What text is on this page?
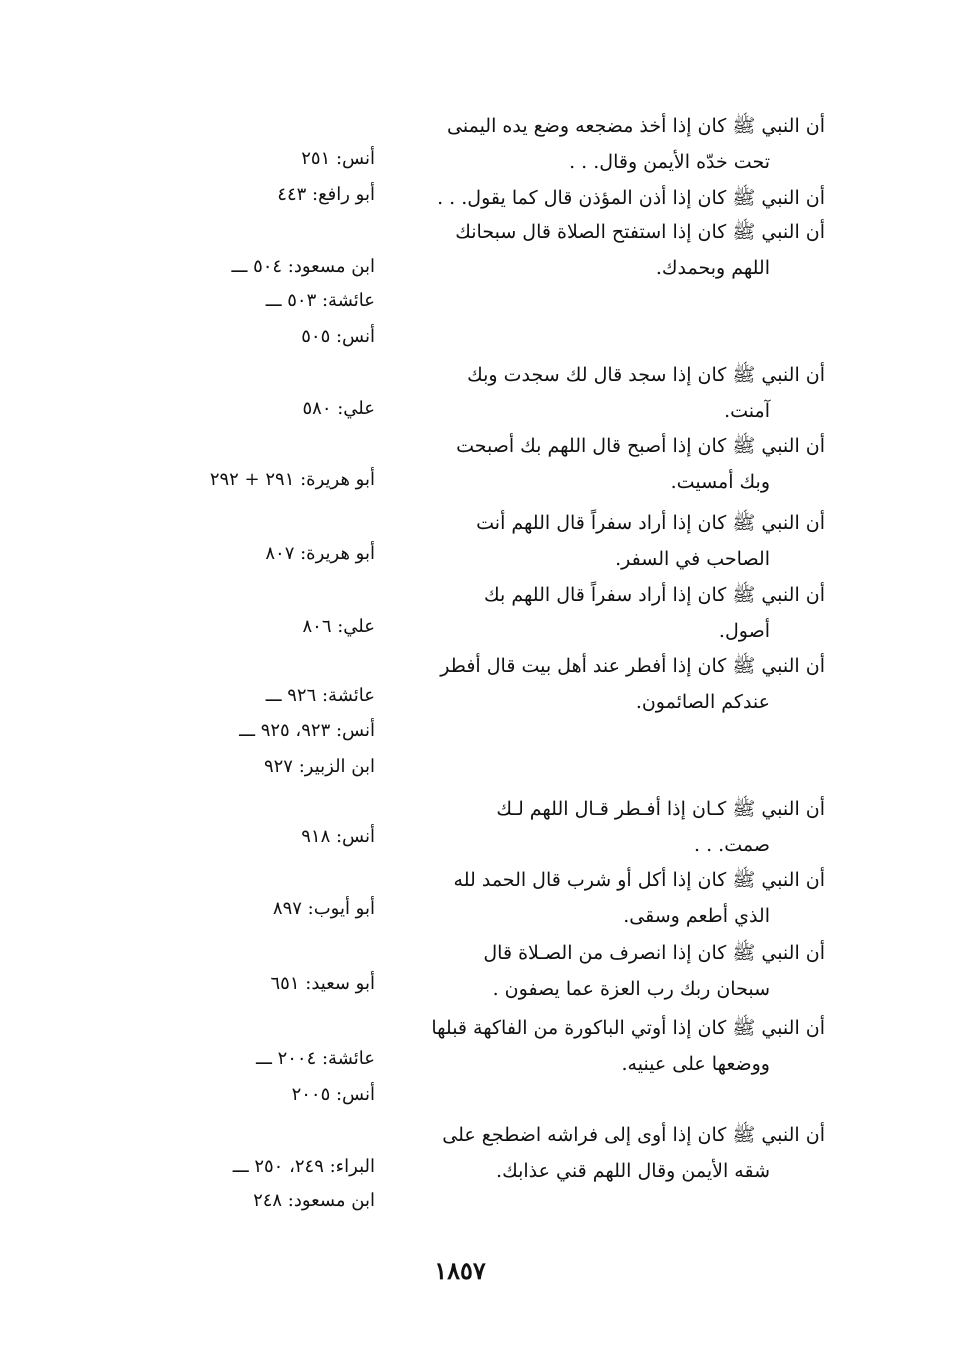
أن النبي ﷺ كان إذا أخذ مضجعه وضع يده اليمنى
تحت خدّه الأيمن وقال. . .
أن النبي ﷺ كان إذا أذن المؤذن قال كما يقول. . .
أن النبي ﷺ كان إذا استفتح الصلاة قال سبحانك
اللهم وبحمدك.
أن النبي ﷺ كان إذا سجد قال لك سجدت وبك
آمنت.
أن النبي ﷺ كان إذا أصبح قال اللهم بك أصبحت
وبك أمسيت.
أن النبي ﷺ كان إذا أراد سفراً قال اللهم أنت
الصاحب في السفر.
أن النبي ﷺ كان إذا أراد سفراً قال اللهم بك
أصول.
أن النبي ﷺ كان إذا أفطر عند أهل بيت قال أفطر
عندكم الصائمون.
أن النبي ﷺ كـان إذا أفـطر قـال اللهم لـك
صمت. . .
أن النبي ﷺ كان إذا أكل أو شرب قال الحمد لله
الذي أطعم وسقى.
أن النبي ﷺ كان إذا انصرف من الصـلاة قال
سبحان ربك رب العزة عما يصفون .
أن النبي ﷺ كان إذا أوتي الباكورة من الفاكهة قبلها
ووضعها على عينيه.
أن النبي ﷺ كان إذا أوى إلى فراشه اضطجع على
شقه الأيمن وقال اللهم قني عذابك.
أنس: ٢٥١
أبو رافع: ٤٤٣
ابن مسعود: ٥٠٤ ـــ
عائشة: ٥٠٣ ـــ
أنس: ٥٠٥
علي: ٥٨٠
أبو هريرة: ٢٩١ + ٢٩٢
أبو هريرة: ٨٠٧
علي: ٨٠٦
عائشة: ٩٢٦ ـــ
أنس: ٩٢٣، ٩٢٥ ـــ
ابن الزبير: ٩٢٧
أنس: ٩١٨
أبو أيوب: ٨٩٧
أبو سعيد: ٦٥١
عائشة: ٢٠٠٤ ـــ
أنس: ٢٠٠٥
البراء: ٢٤٩، ٢٥٠ ـــ
ابن مسعود: ٢٤٨
١٨٥٧
